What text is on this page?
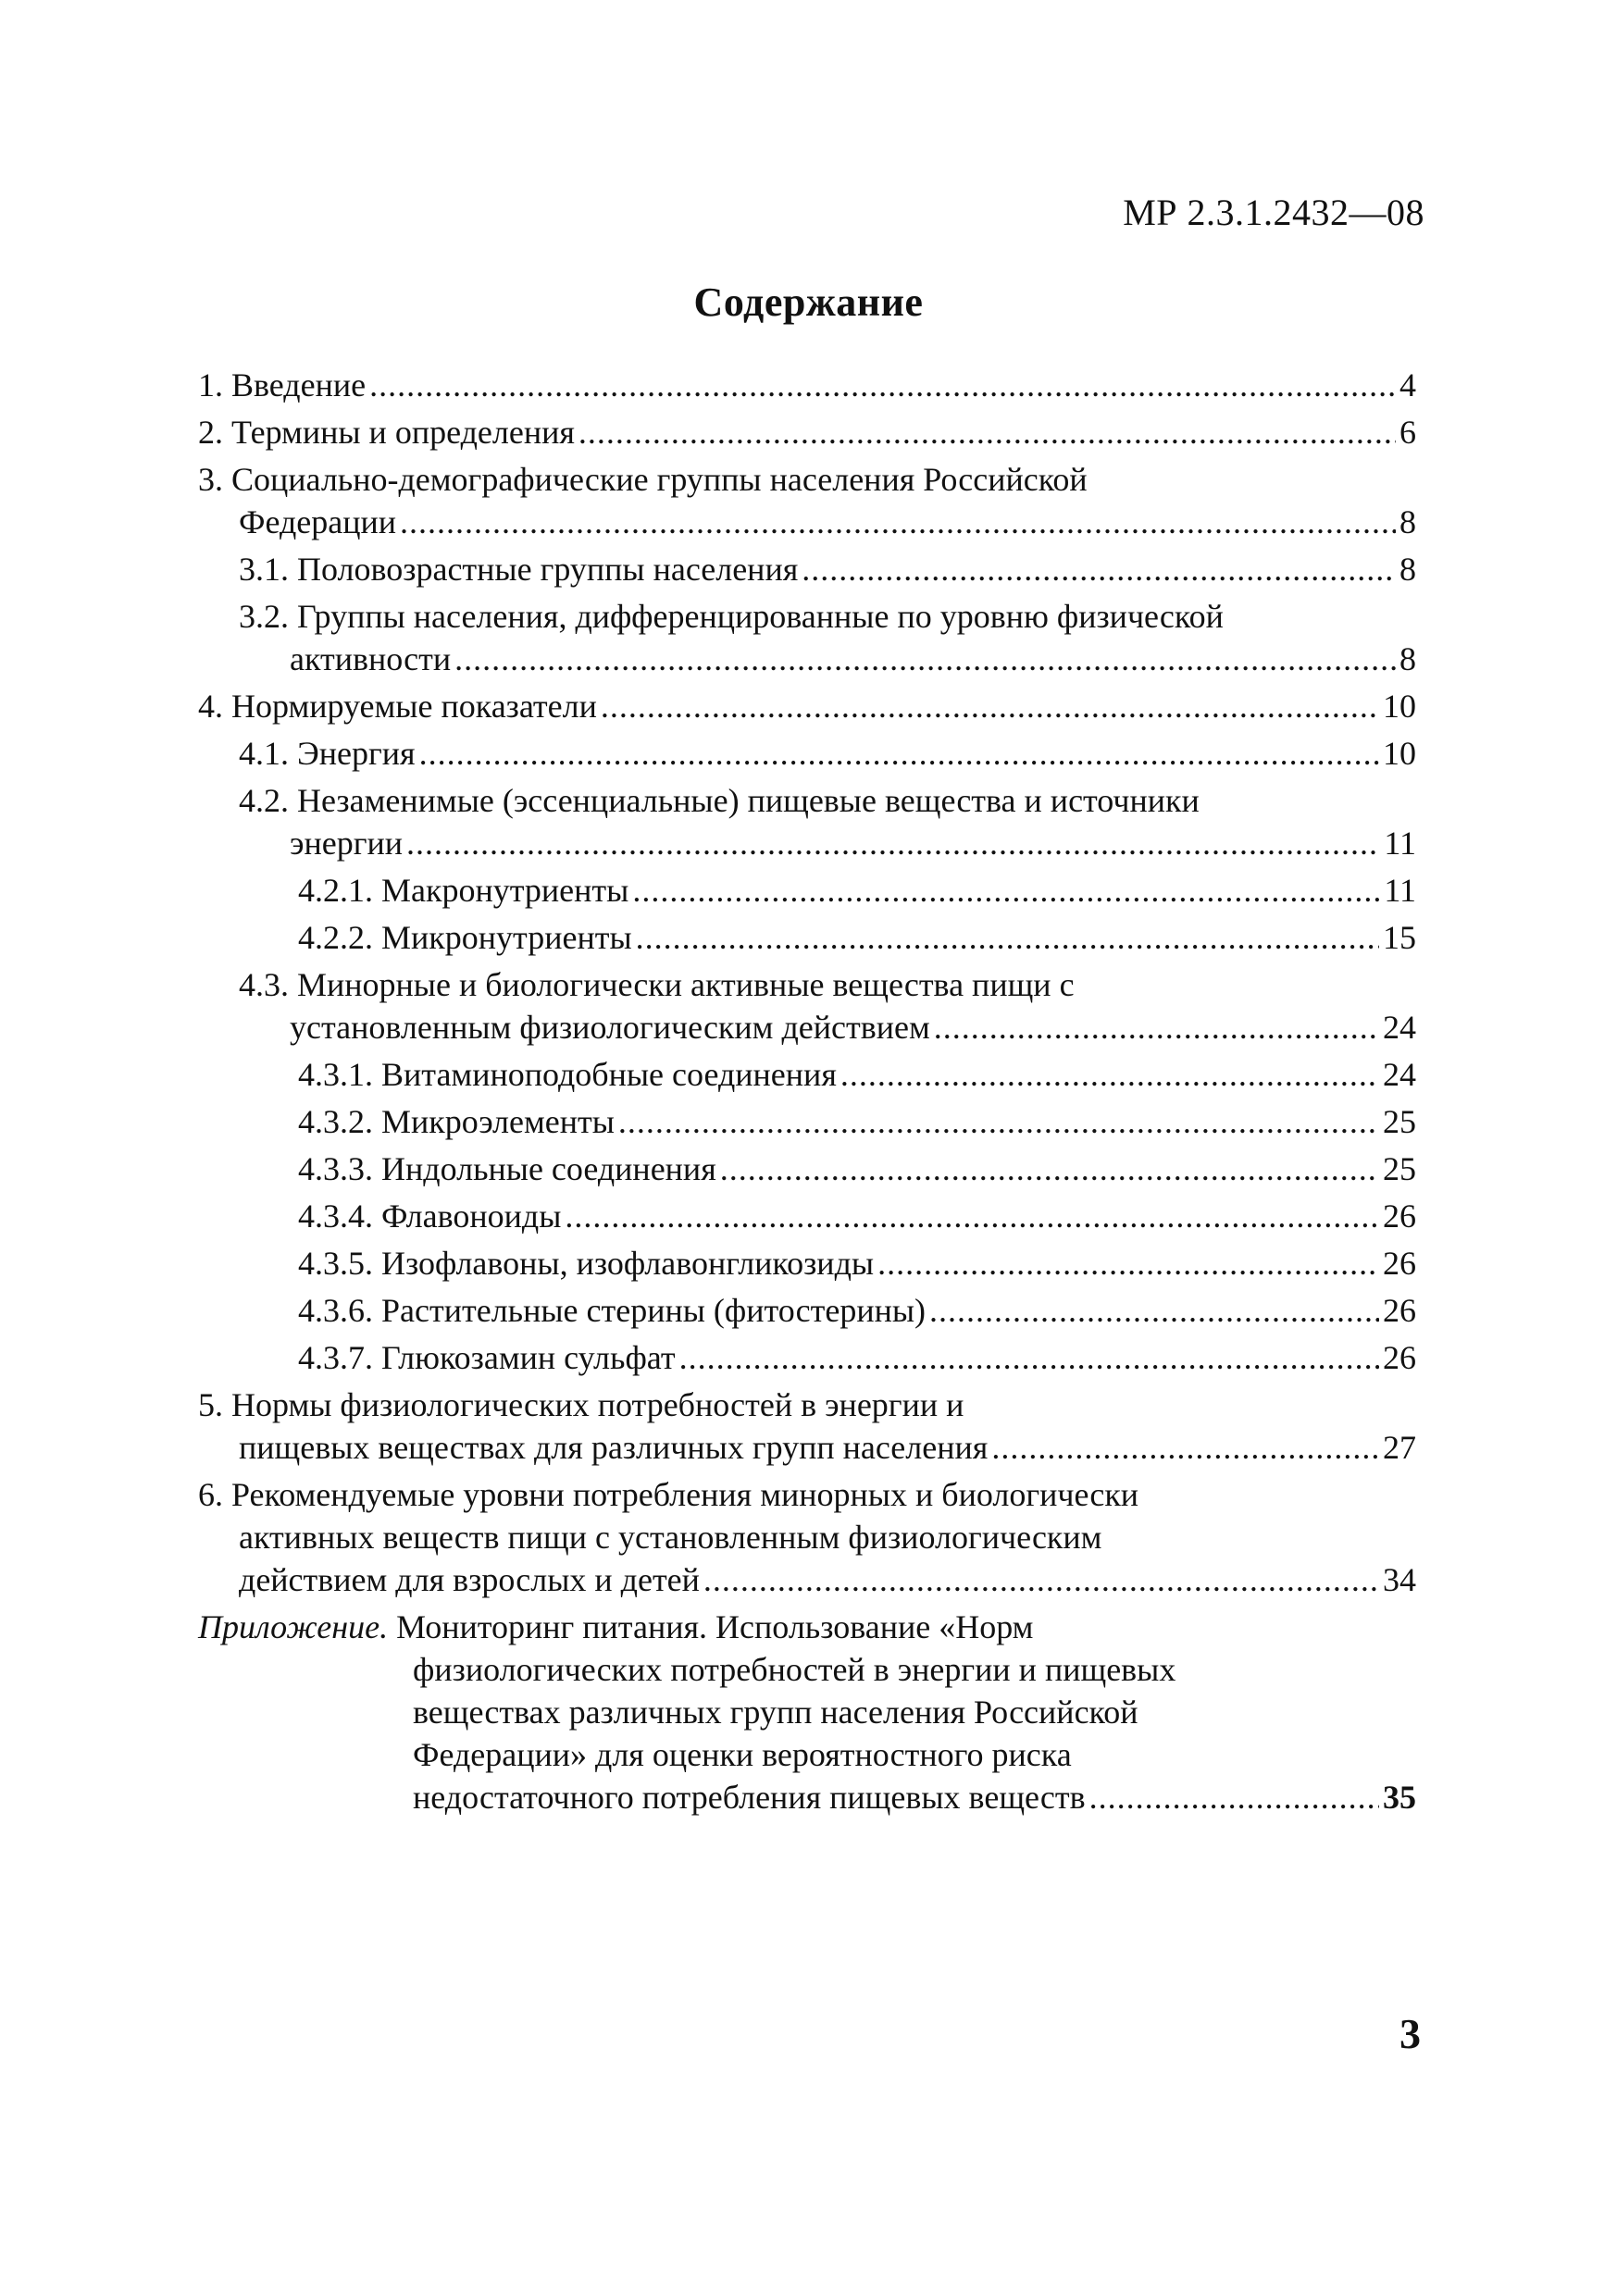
МР 2.3.1.2432—08
Содержание
1. Введение .....	4
2. Термины и определения .....	6
3. Социально-демографические группы населения Российской
Федерации .....	8
3.1. Половозрастные группы населения .....	8
3.2. Группы населения, дифференцированные по уровню физической
активности .....	8
4. Нормируемые показатели .....	10
4.1. Энергия .....	10
4.2. Незаменимые (эссенциальные) пищевые вещества и источники
энергии .....	11
4.2.1. Макронутриенты .....	11
4.2.2. Микронутриенты .....	15
4.3. Минорные и биологически активные вещества пищи с
установленным физиологическим действием .....	24
4.3.1. Витаминоподобные соединения .....	24
4.3.2. Микроэлементы .....	25
4.3.3. Индольные соединения .....	25
4.3.4. Флавоноиды .....	26
4.3.5. Изофлавоны, изофлавонгликозиды .....	26
4.3.6. Растительные стерины (фитостерины) .....	26
4.3.7. Глюкозамин сульфат .....	26
5. Нормы физиологических потребностей в энергии и
пищевых веществах для различных групп населения .....	27
6. Рекомендуемые уровни потребления минорных и биологически
активных веществ пищи с установленным физиологическим
действием для взрослых и детей .....	34
Приложение. Мониторинг питания. Использование «Норм
физиологических потребностей в энергии и пищевых
веществах различных групп населения Российской
Федерации» для оценки вероятностного риска
недостаточного потребления пищевых веществ .....	35
3
